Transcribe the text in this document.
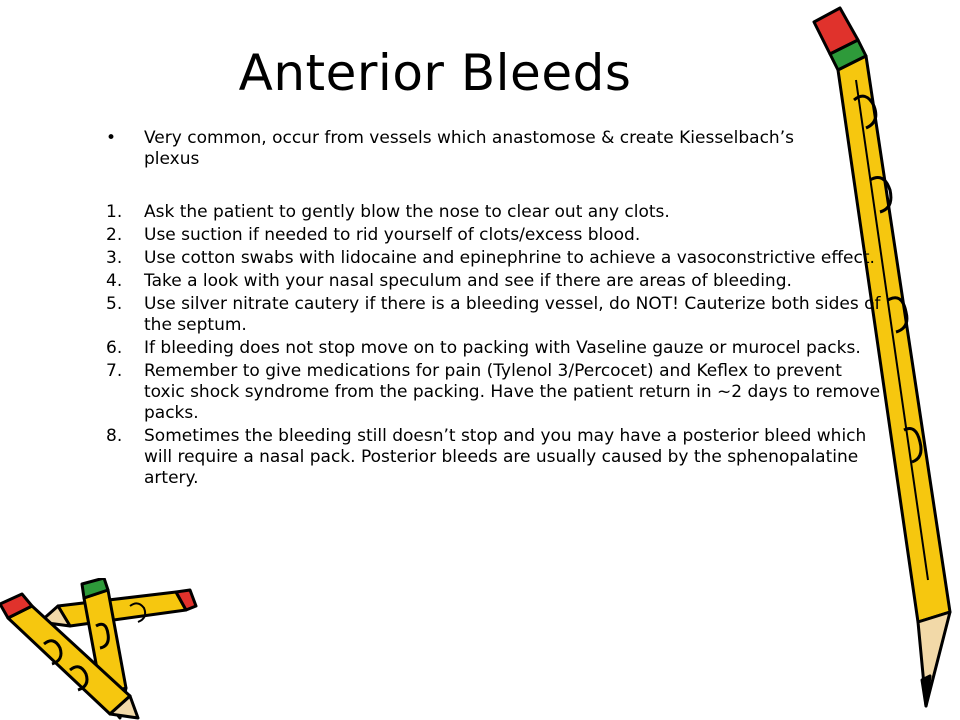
Anterior Bleeds
•	Very common, occur from vessels which anastomose & create Kiesselbach’s plexus
1.	Ask the patient to gently blow the nose to clear out any clots.
2.	Use suction if needed to rid yourself of clots/excess blood.
3.	Use cotton swabs with lidocaine and epinephrine to achieve a vasoconstrictive effect.
4.	Take a look with your nasal speculum and see if there are areas of bleeding.
5.	Use silver nitrate cautery if there is a bleeding vessel, do NOT! Cauterize both sides of the septum.
6.	If bleeding does not stop move on to packing with Vaseline gauze or murocel packs.
7.	Remember to give medications for pain (Tylenol 3/Percocet) and Keflex to prevent toxic shock syndrome from the packing. Have the patient return in ~2 days to remove packs.
8.	Sometimes the bleeding still doesn’t stop and you may have a posterior bleed which will require a nasal pack. Posterior bleeds are usually caused by the sphenopalatine artery.
